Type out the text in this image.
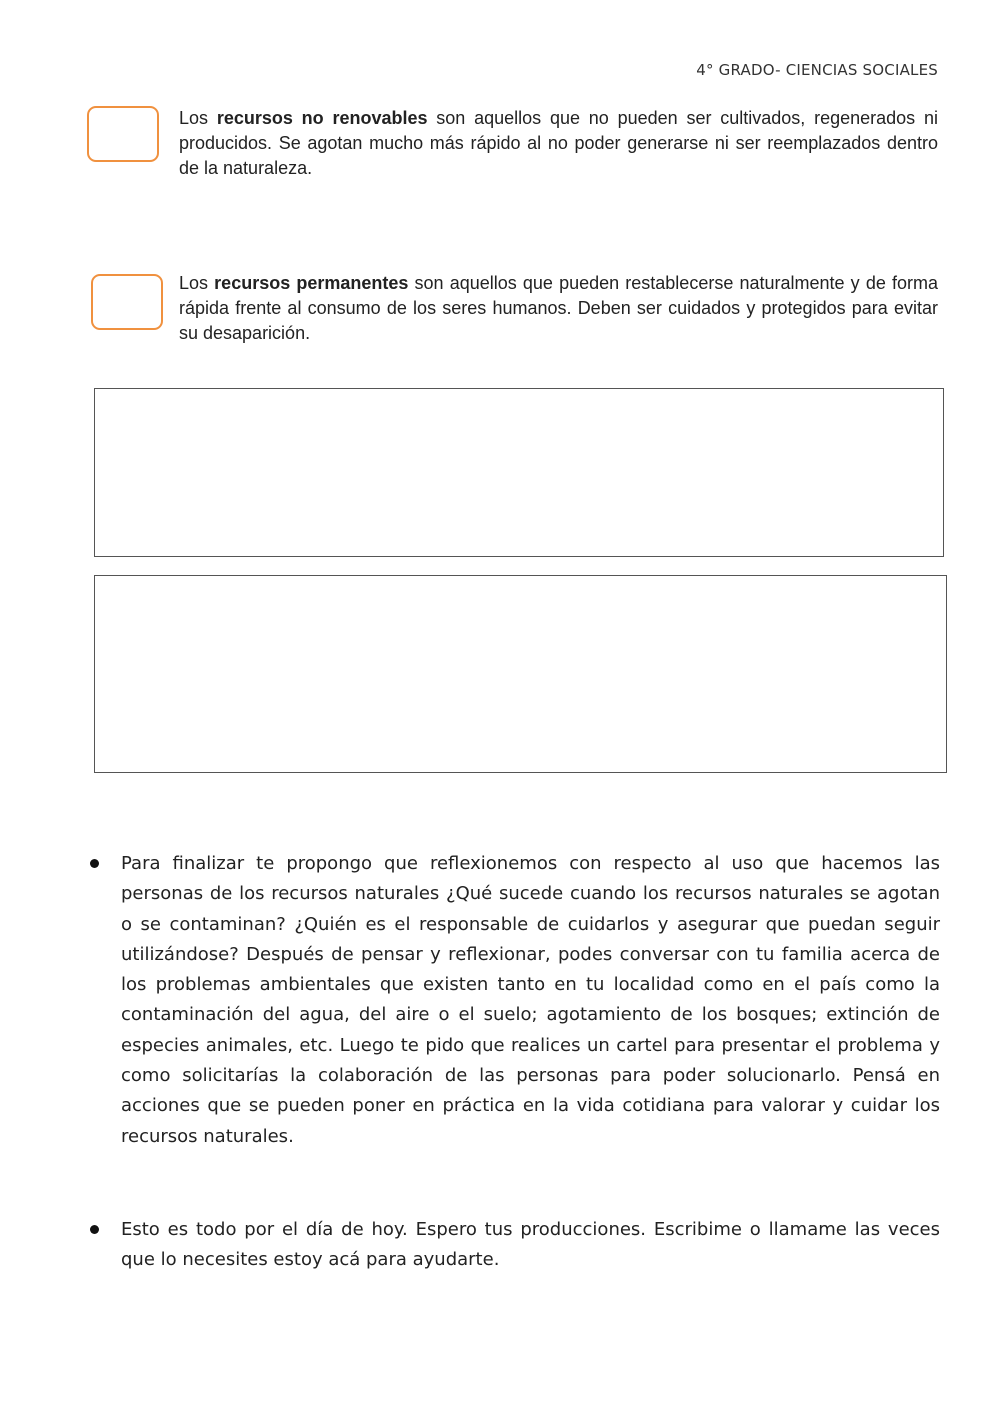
4° GRADO- CIENCIAS SOCIALES
Los recursos no renovables son aquellos que no pueden ser cultivados, regenerados ni producidos. Se agotan mucho más rápido al no poder generarse ni ser reemplazados dentro de la naturaleza.
Los recursos permanentes son aquellos que pueden restablecerse naturalmente y de forma rápida frente al consumo de los seres humanos. Deben ser cuidados y protegidos para evitar su desaparición.
Para finalizar te propongo que reflexionemos con respecto al uso que hacemos las personas de los recursos naturales ¿Qué sucede cuando los recursos naturales se agotan o se contaminan? ¿Quién es el responsable de cuidarlos y asegurar que puedan seguir utilizándose? Después de pensar y reflexionar, podes conversar con tu familia acerca de los problemas ambientales que existen tanto en tu localidad como en el país como la contaminación del agua, del aire o el suelo; agotamiento de los bosques; extinción de especies animales, etc. Luego te pido que realices un cartel para presentar el problema y como solicitarías la colaboración de las personas para poder solucionarlo. Pensá en acciones que se pueden poner en práctica en la vida cotidiana para valorar y cuidar los recursos naturales.
Esto es todo por el día de hoy. Espero tus producciones. Escribime o llamame las veces que lo necesites estoy acá para ayudarte.
